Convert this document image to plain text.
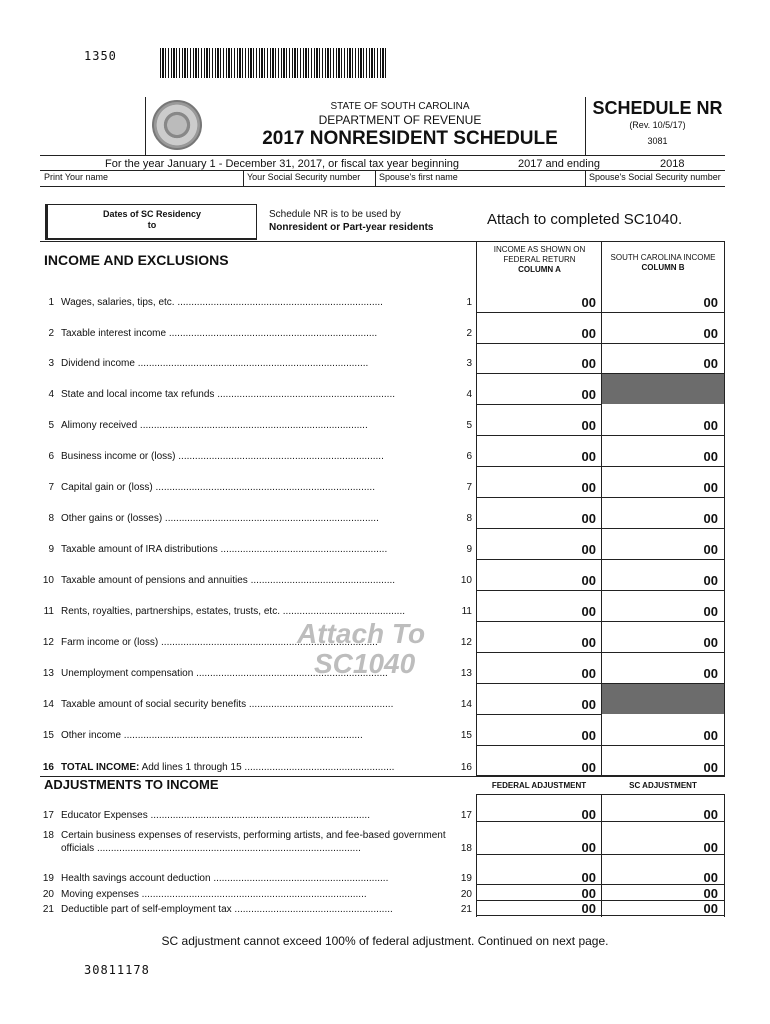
1350
STATE OF SOUTH CAROLINA
DEPARTMENT OF REVENUE
2017 NONRESIDENT SCHEDULE
SCHEDULE NR
(Rev. 10/5/17)
3081
For the year January 1 - December 31, 2017, or fiscal tax year beginning	2017 and ending	2018
Print Your name	Your Social Security number Spouse's first name	Spouse's Social Security number
Dates of SC Residency
to
Schedule NR is to be used by
Nonresident or Part-year residents	Attach to completed SC1040.
INCOME AND EXCLUSIONS
INCOME AS SHOWN ON
FEDERAL RETURN
COLUMN A
SOUTH CAROLINA INCOME
COLUMN B
1 Wages, salaries, tips, etc. ..........................................................................	1	00	00
2 Taxable interest income ...........................................................................	2	00	00
3 Dividend income ...................................................................................	3	00	00
4 State and local income tax refunds ................................................................	4	00
5 Alimony received ..................................................................................	5	00	00
6 Business income or (loss) ..........................................................................	6	00	00
7 Capital gain or (loss) ...............................................................................	7	00	00
8 Other gains or (losses) .............................................................................	8	00	00
9 Taxable amount of IRA distributions ............................................................	9	00	00
10 Taxable amount of pensions and annuities ....................................................	10	00	00
11 Rents, royalties, partnerships, estates, trusts, etc. ............................................	11	00	00
12 Farm income or (loss) ..............................................................................	12	00	00
13 Unemployment compensation .....................................................................	13	00	00
14 Taxable amount of social security benefits ....................................................	14	00
15 Other income ......................................................................................	15	00	00
16 TOTAL INCOME: Add lines 1 through 15 ......................................................	16	00	00
ADJUSTMENTS TO INCOME	FEDERAL ADJUSTMENT	SC ADJUSTMENT
17 Educator Expenses ...............................................................................	17	00	00
18 Certain business expenses of reservists, performing artists, and fee-based government
officials ...............................................................................................	18	00	00
19 Health savings account deduction ...............................................................	19	00	00
20 Moving expenses .................................................................................	20	00	00
21 Deductible part of self-employment tax .........................................................	21	00	00
Attach To
SC1040
SC adjustment cannot exceed 100% of federal adjustment. Continued on next page.
30811178
